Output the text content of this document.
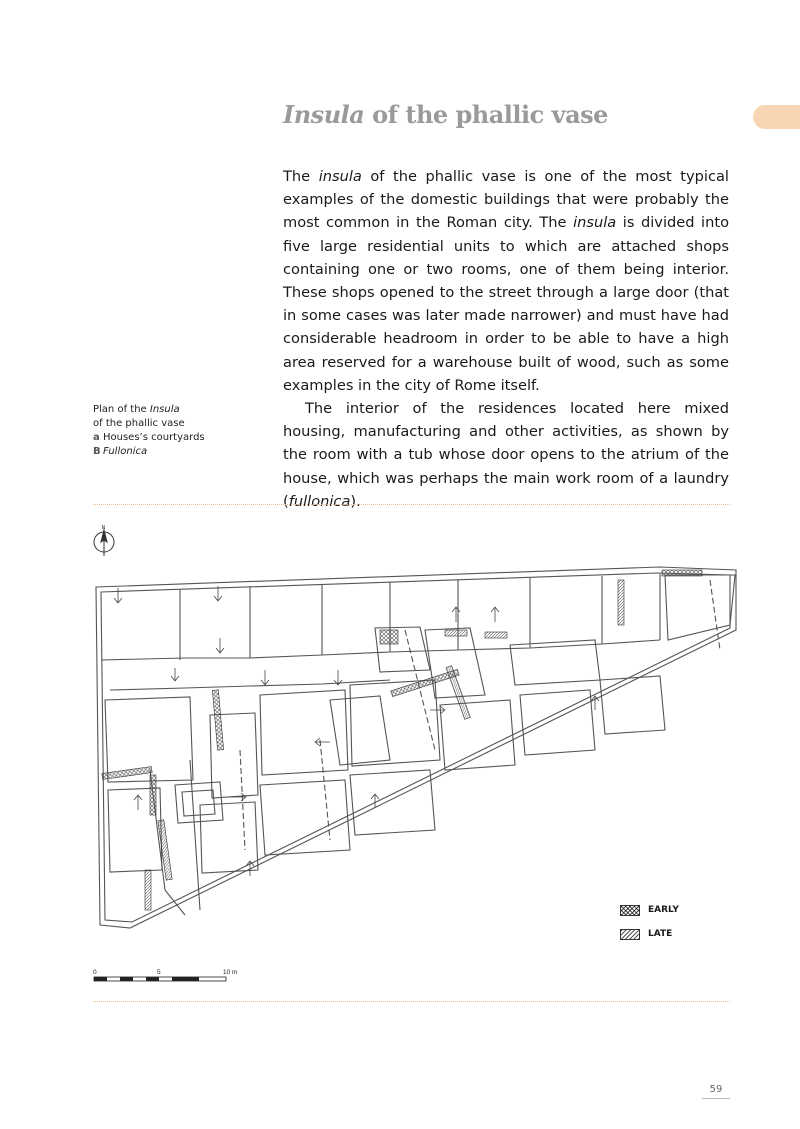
Insula of the phallic vase

The insula of the phallic vase is one of the most typical examples of the domestic buildings that were probably the most common in the Roman city. The insula is divided into five large residential units to which are attached shops containing one or two rooms, one of them being interior. These shops opened to the street through a large door (that in some cases was later made narrower) and must have had considerable headroom in order to be able to have a high area reserved for a warehouse built of wood, such as some examples in the city of Rome itself.

The interior of the residences located here mixed housing, manufacturing and other activities, as shown by the room with a tub whose door opens to the atrium of the house, which was perhaps the main work room of a laundry (fullonica).

Plan of the Insula
of the phallic vase
a Houses’s courtyards
B Fullonica
N
EARLY
LATE
0	5	10 m
59
